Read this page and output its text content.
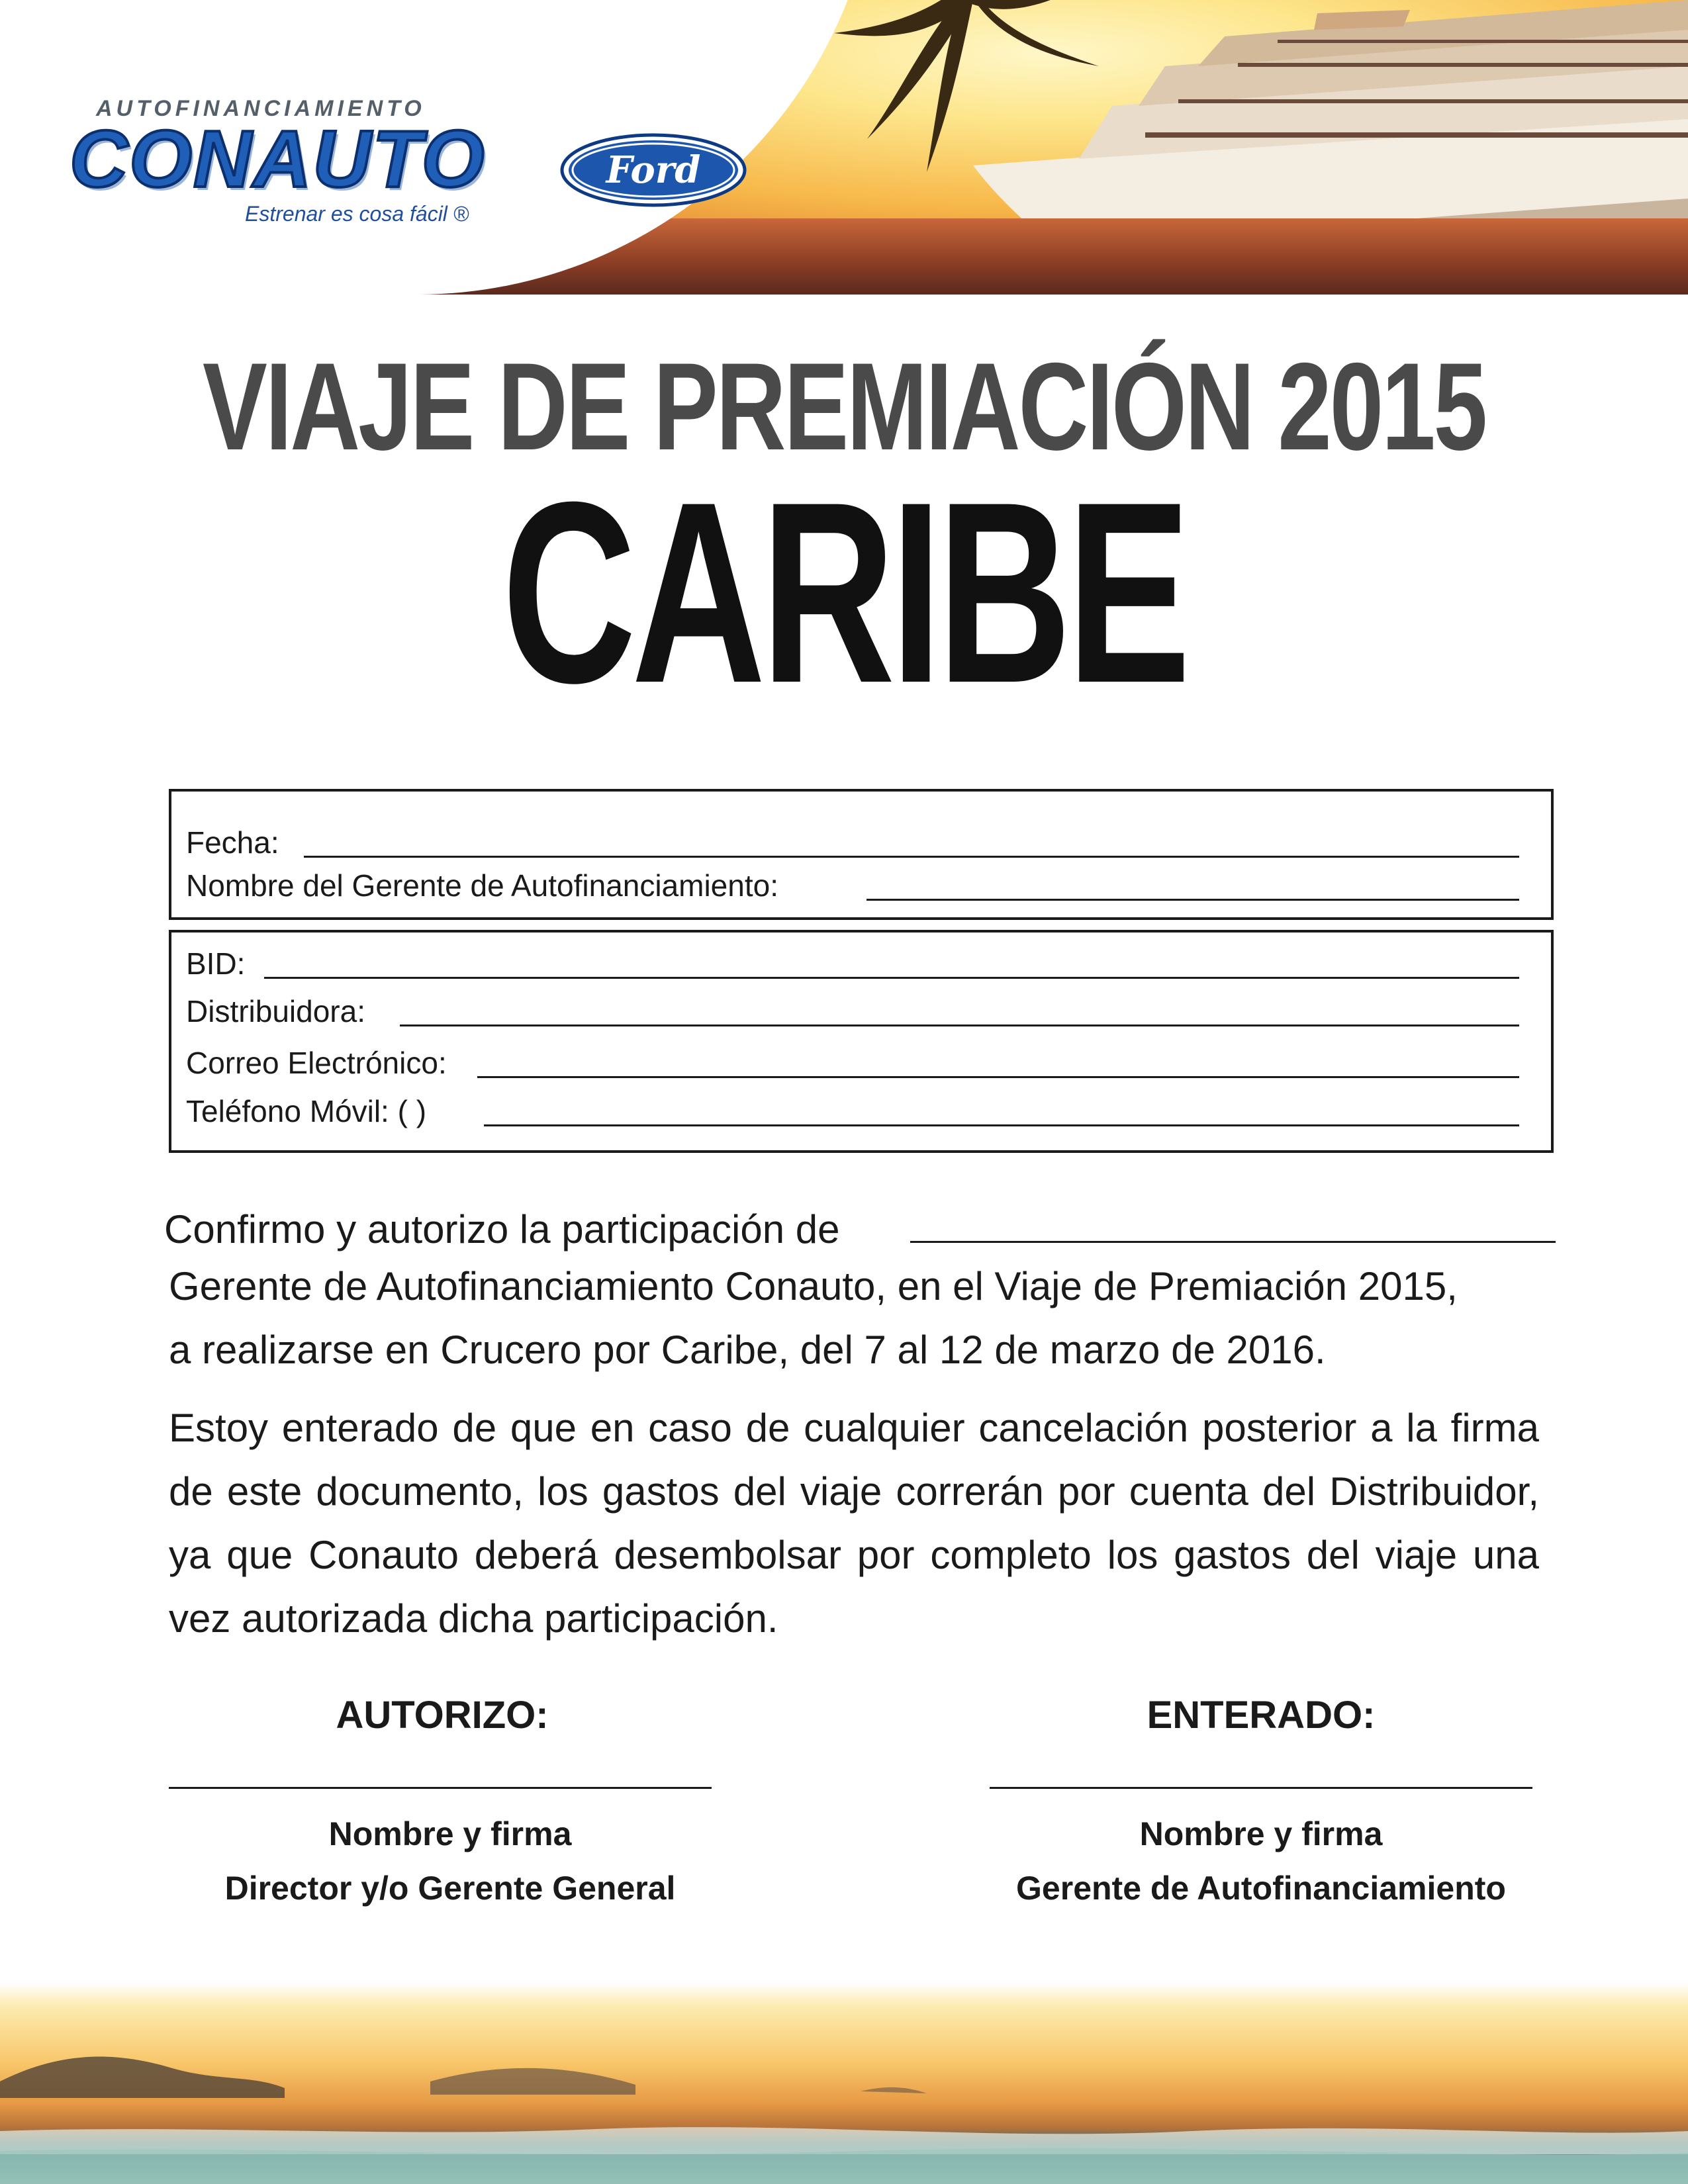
AUTOFINANCIAMIENTO
CONAUTO
Estrenar es cosa fácil ®
Ford
VIAJE DE PREMIACIÓN 2015
CARIBE
Fecha:
Nombre del Gerente de Autofinanciamiento:
BID:
Distribuidora:
Correo Electrónico:
Teléfono Móvil: ( )
Confirmo y autorizo la participación de
Gerente de Autofinanciamiento Conauto, en el Viaje de Premiación 2015,
a realizarse en Crucero por Caribe, del 7 al 12 de marzo de 2016.
Estoy enterado de que en caso de cualquier cancelación posterior a la firma de este documento, los gastos del viaje correrán por cuenta del Distribuidor, ya que Conauto deberá desembolsar por completo los gastos del viaje una vez autorizada dicha participación.
AUTORIZO:	ENTERADO:
Nombre y firma
Director y/o Gerente General
Nombre y firma
Gerente de Autofinanciamiento
